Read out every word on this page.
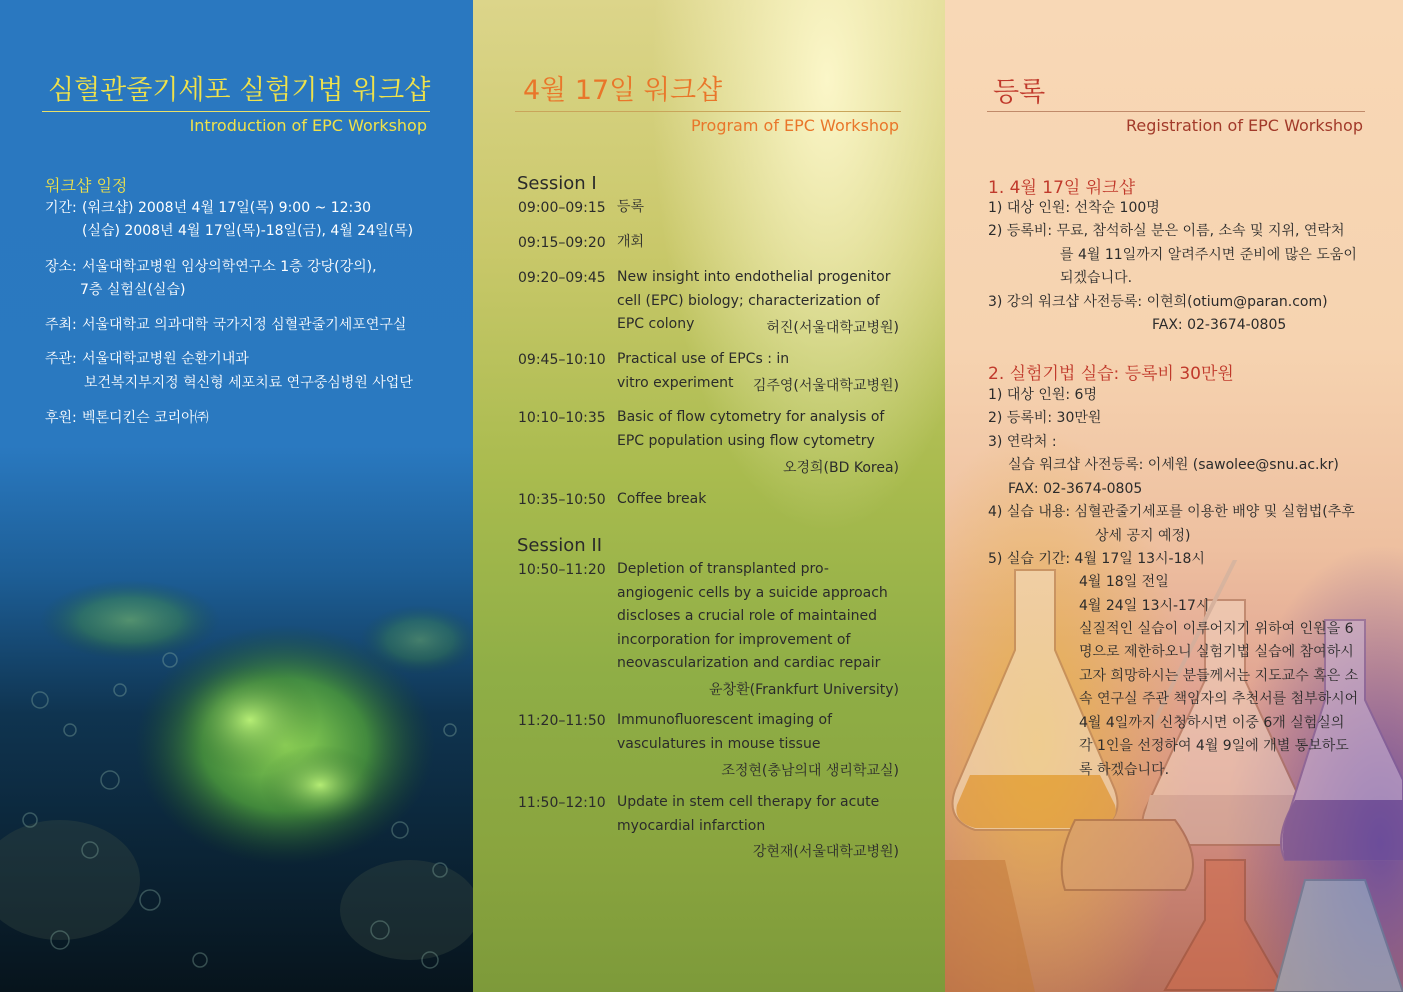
심혈관줄기세포 실험기법 워크샵
Introduction of EPC Workshop
워크샵 일정
기간: (워크샵) 2008년 4월 17일(목) 9:00 ~ 12:30
(실습) 2008년 4월 17일(목)-18일(금), 4월 24일(목)
장소: 서울대학교병원 임상의학연구소 1층 강당(강의),
7층 실험실(실습)
주최: 서울대학교 의과대학 국가지정 심혈관줄기세포연구실
주관: 서울대학교병원 순환기내과
보건복지부지정 혁신형 세포치료 연구중심병원 사업단
후원: 벡톤디킨슨 코리아㈜
4월 17일 워크샵
Program of EPC Workshop
Session I
09:00–09:15 등록
09:15–09:20 개회
09:20–09:45 New insight into endothelial progenitor cell (EPC) biology; characterization of EPC colony	허진(서울대학교병원)
09:45–10:10 Practical use of EPCs : in vitro experiment	김주영(서울대학교병원)
10:10–10:35 Basic of flow cytometry for analysis of EPC population using flow cytometry
오경희(BD Korea)
10:35–10:50 Coffee break
Session II
10:50–11:20 Depletion of transplanted pro-angiogenic cells by a suicide approach discloses a crucial role of maintained incorporation for improvement of neovascularization and cardiac repair
윤창환(Frankfurt University)
11:20–11:50 Immunofluorescent imaging of vasculatures in mouse tissue
조정현(충남의대 생리학교실)
11:50–12:10 Update in stem cell therapy for acute myocardial infarction
강현재(서울대학교병원)
등록
Registration of EPC Workshop
1. 4월 17일 워크샵
1) 대상 인원: 선착순 100명
2) 등록비: 무료, 참석하실 분은 이름, 소속 및 지위, 연락처
를 4월 11일까지 알려주시면 준비에 많은 도움이
되겠습니다.
3) 강의 워크샵 사전등록: 이현희(otium@paran.com)
FAX: 02-3674-0805
2. 실험기법 실습: 등록비 30만원
1) 대상 인원: 6명
2) 등록비: 30만원
3) 연락처 :
실습 워크샵 사전등록: 이세원 (sawolee@snu.ac.kr)
FAX: 02-3674-0805
4) 실습 내용: 심혈관줄기세포를 이용한 배양 및 실험법(추후
상세 공지 예정)
5) 실습 기간: 4월 17일 13시-18시
4월 18일 전일
4월 24일 13시-17시
실질적인 실습이 이루어지기 위하여 인원을 6
명으로 제한하오니 실험기법 실습에 참여하시
고자 희망하시는 분들께서는 지도교수 혹은 소
속 연구실 주관 책임자의 추천서를 첨부하시어
4월 4일까지 신청하시면 이중 6개 실험실의
각 1인을 선정하여 4월 9일에 개별 통보하도
록 하겠습니다.
